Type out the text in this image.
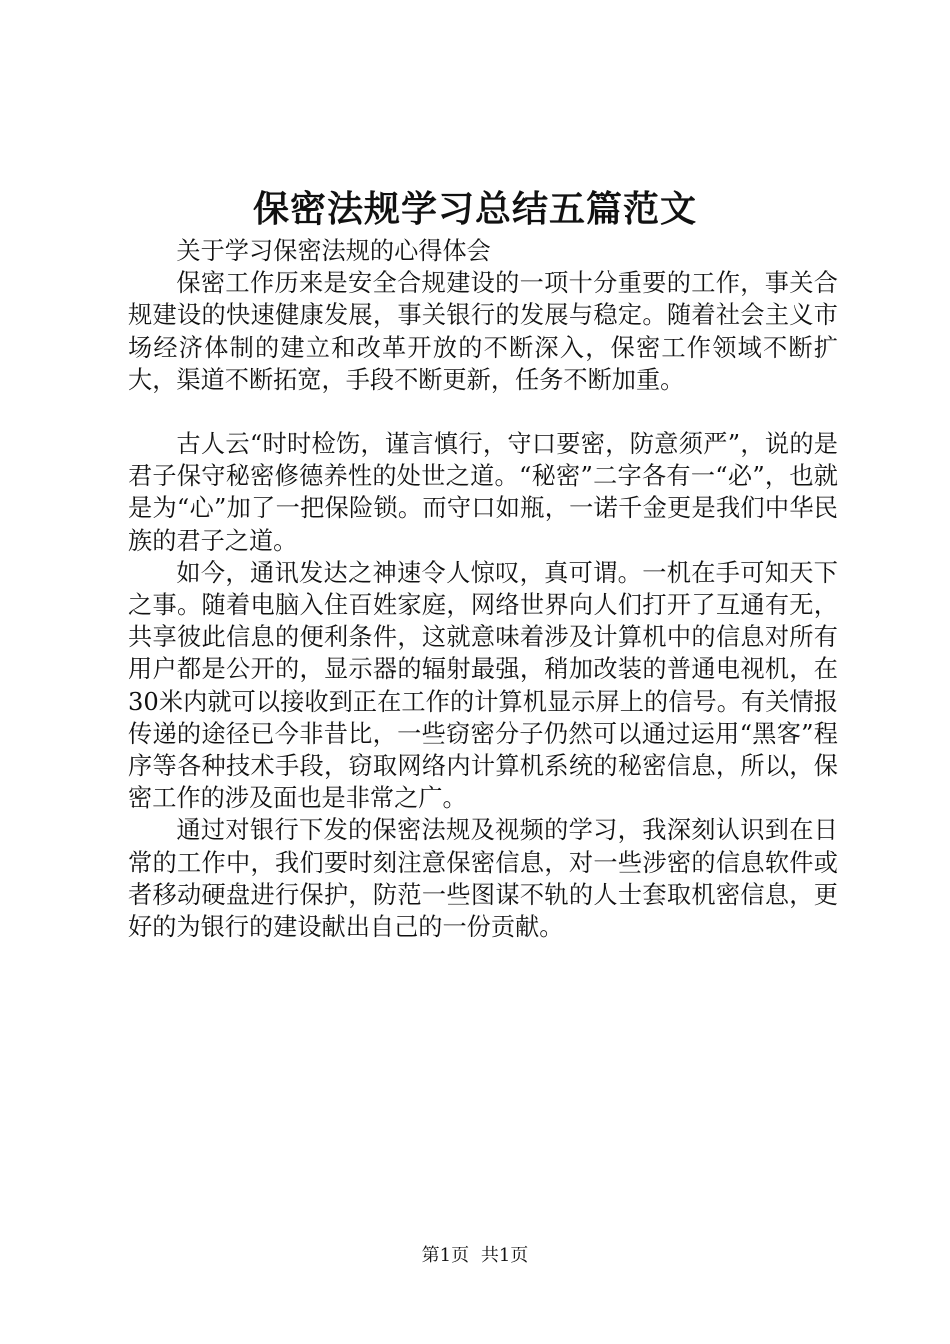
保密法规学习总结五篇范文

关于学习保密法规的心得体会

保密工作历来是安全合规建设的一项十分重要的工作，事关合规建设的快速健康发展，事关银行的发展与稳定。随着社会主义市场经济体制的建立和改革开放的不断深入，保密工作领域不断扩大，渠道不断拓宽，手段不断更新，任务不断加重。

古人云“时时检饬，谨言慎行，守口要密，防意须严”，说的是君子保守秘密修德养性的处世之道。“秘密”二字各有一“必”，也就是为“心”加了一把保险锁。而守口如瓶，一诺千金更是我们中华民族的君子之道。

如今，通讯发达之神速令人惊叹，真可谓。一机在手可知天下之事。随着电脑入住百姓家庭，网络世界向人们打开了互通有无，共享彼此信息的便利条件，这就意味着涉及计算机中的信息对所有用户都是公开的，显示器的辐射最强，稍加改装的普通电视机，在30米内就可以接收到正在工作的计算机显示屏上的信号。有关情报传递的途径已今非昔比，一些窃密分子仍然可以通过运用“黑客”程序等各种技术手段，窃取网络内计算机系统的秘密信息，所以，保密工作的涉及面也是非常之广。

通过对银行下发的保密法规及视频的学习，我深刻认识到在日常的工作中，我们要时刻注意保密信息，对一些涉密的信息软件或者移动硬盘进行保护，防范一些图谋不轨的人士套取机密信息，更好的为银行的建设献出自己的一份贡献。

第1页 共1页
